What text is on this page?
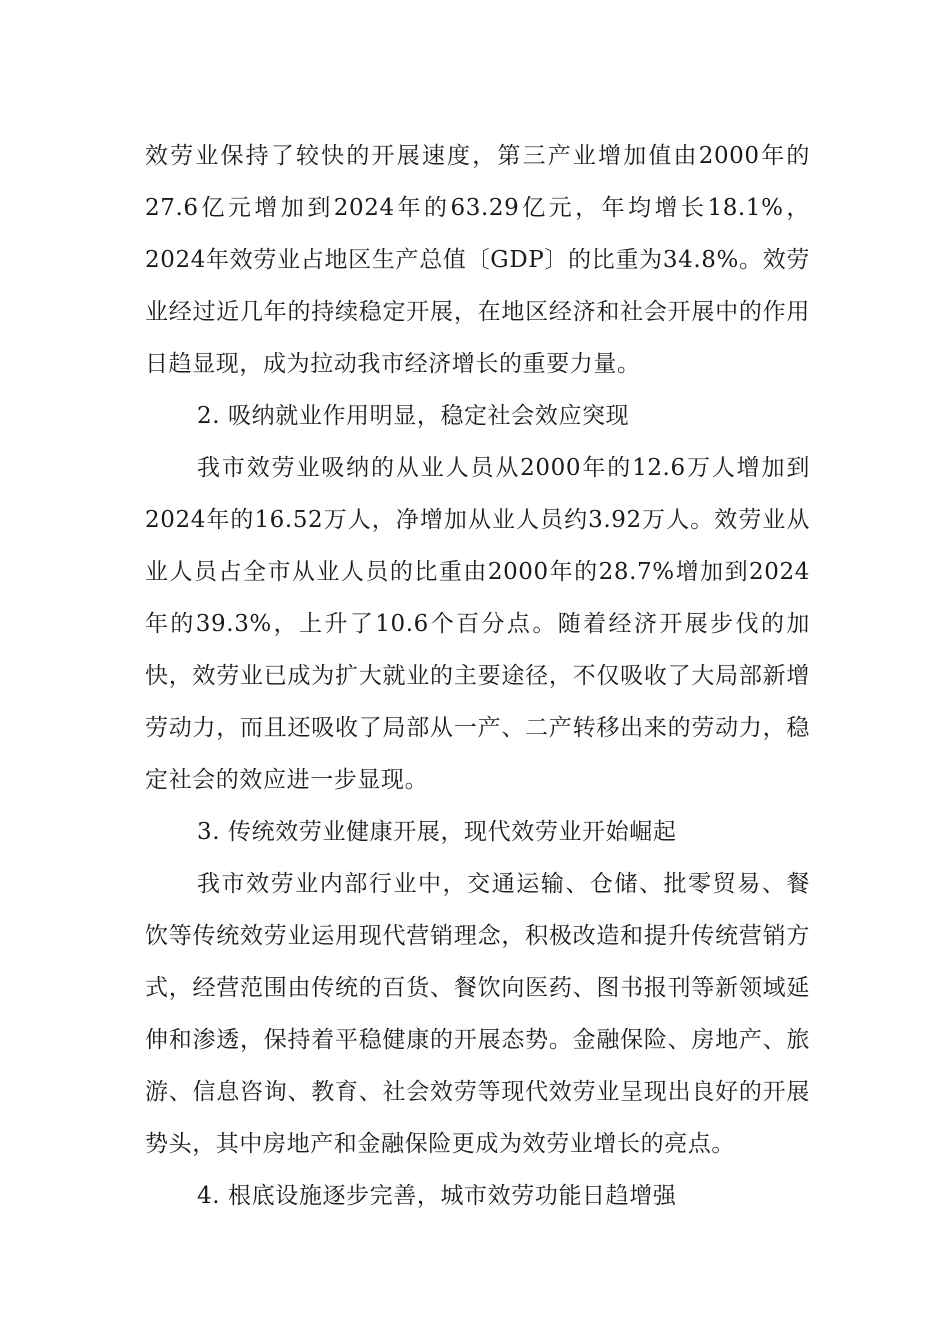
效劳业保持了较快的开展速度，第三产业增加值由2000年的27.6亿元增加到2024年的63.29亿元，年均增长18.1%，2024年效劳业占地区生产总值〔GDP〕的比重为34.8%。效劳业经过近几年的持续稳定开展，在地区经济和社会开展中的作用日趋显现，成为拉动我市经济增长的重要力量。

2. 吸纳就业作用明显，稳定社会效应突现

我市效劳业吸纳的从业人员从2000年的12.6万人增加到2024年的16.52万人，净增加从业人员约3.92万人。效劳业从业人员占全市从业人员的比重由2000年的28.7%增加到2024年的39.3%，上升了10.6个百分点。随着经济开展步伐的加快，效劳业已成为扩大就业的主要途径，不仅吸收了大局部新增劳动力，而且还吸收了局部从一产、二产转移出来的劳动力，稳定社会的效应进一步显现。

3. 传统效劳业健康开展，现代效劳业开始崛起

我市效劳业内部行业中，交通运输、仓储、批零贸易、餐饮等传统效劳业运用现代营销理念，积极改造和提升传统营销方式，经营范围由传统的百货、餐饮向医药、图书报刊等新领域延伸和渗透，保持着平稳健康的开展态势。金融保险、房地产、旅游、信息咨询、教育、社会效劳等现代效劳业呈现出良好的开展势头，其中房地产和金融保险更成为效劳业增长的亮点。

4. 根底设施逐步完善，城市效劳功能日趋增强
